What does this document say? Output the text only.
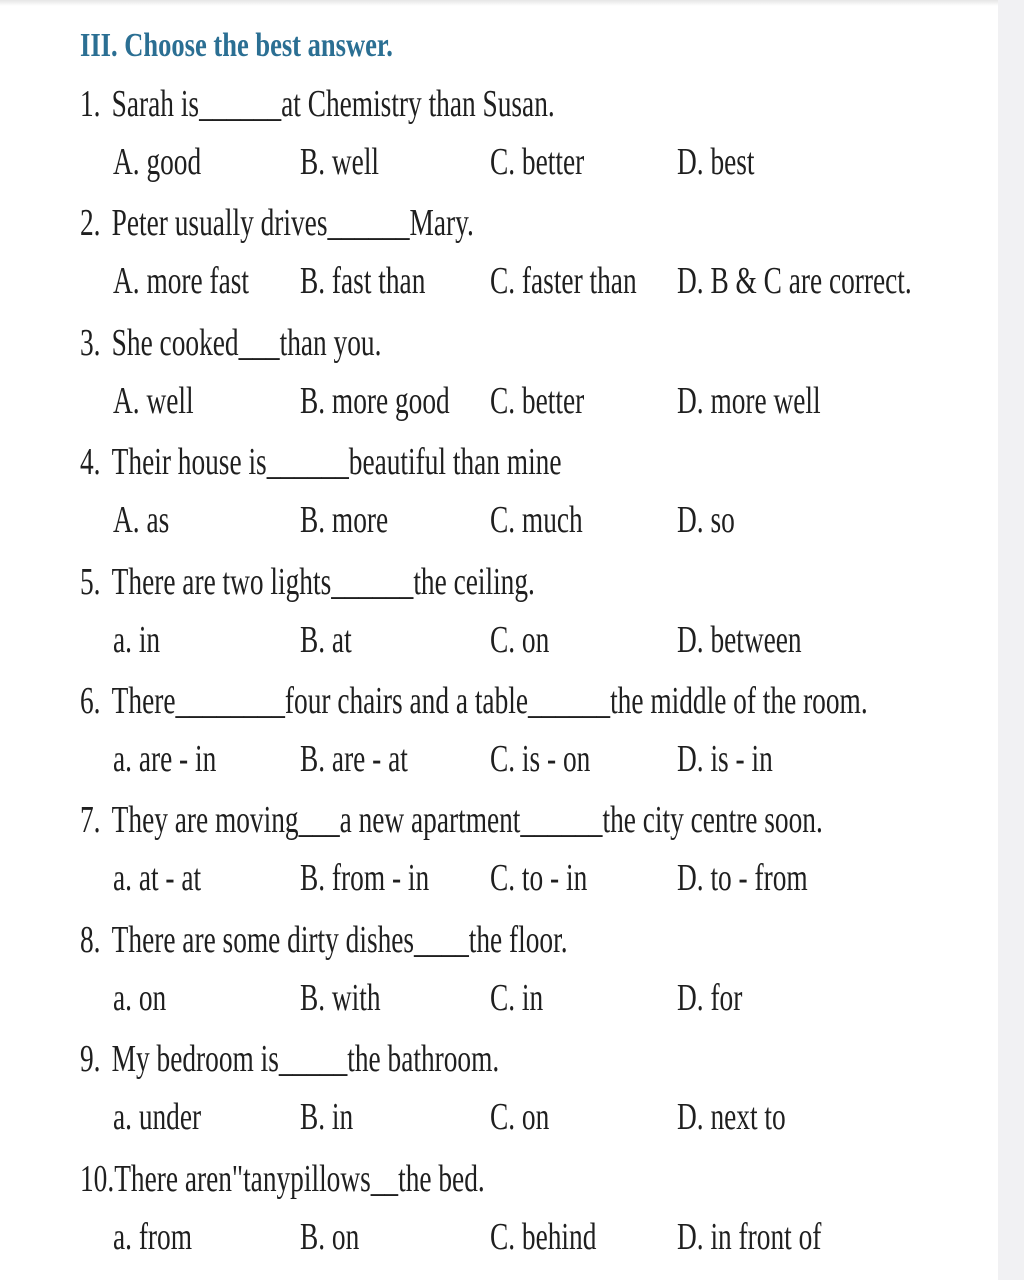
III. Choose the best answer.
1. Sarah is______at Chemistry than Susan.
A. good	B. well	C. better D. best
2. Peter usually drives______Mary.
A. more fast B. fast than C. faster than D. B & C are correct.
3. She cooked___than you.
A. well	B. more good C. better D. more well
4. Their house is______beautiful than mine
A. as	B. more	C. much D. so
5. There are two lights______the ceiling.
a. in	B. at	C. on	D. between
6. There________four chairs and a table______the middle of the room.
a. are - in B. are - at C. is - on D. is - in
7. They are moving___a new apartment______the city centre soon.
a. at - at	B. from - in C. to - in D. to - from
8. There are some dirty dishes____the floor.
a. on	B. with	C. in	D. for
9. My bedroom is_____the bathroom.
a. under	B. in	C. on	D. next to
10.There aren"tanypillows__the bed.
a. from	B. on	C. behind D. in front of
